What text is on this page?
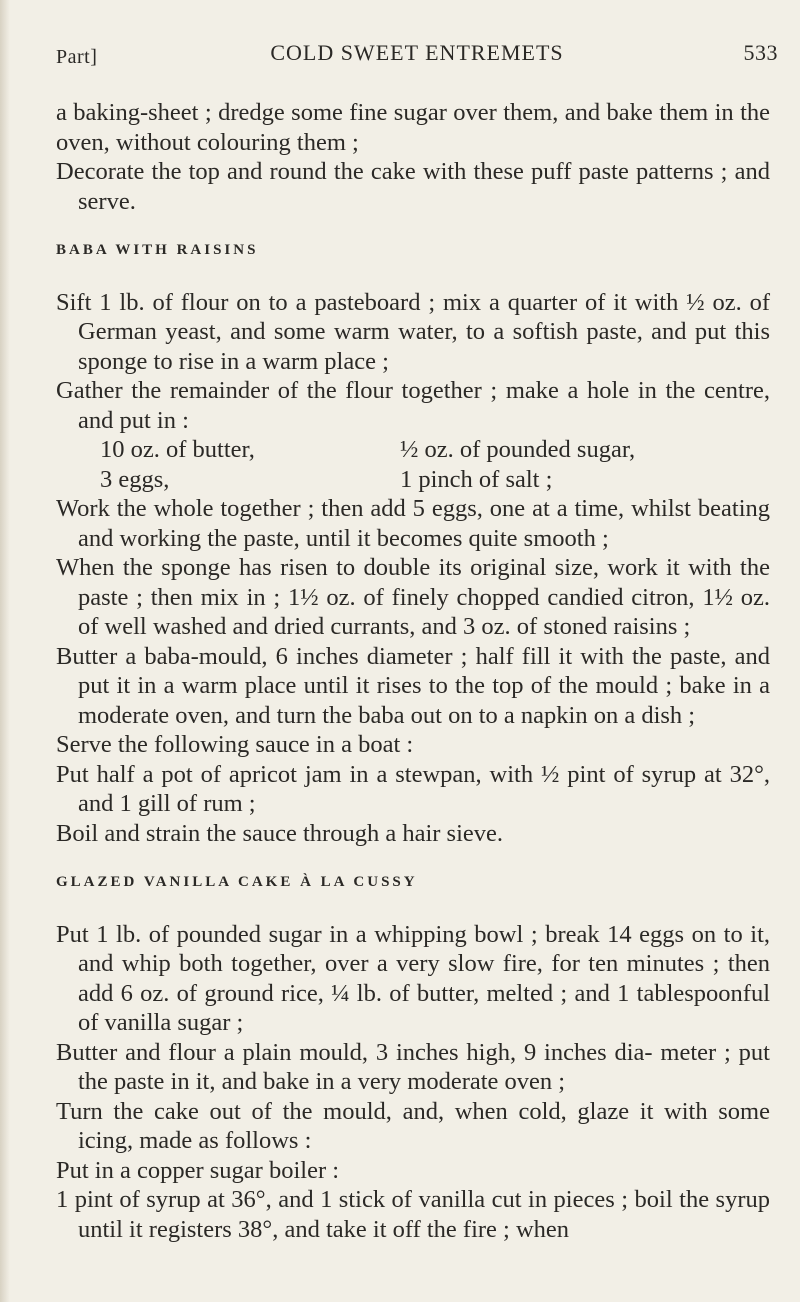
Part]	COLD SWEET ENTREMETS	533

a baking-sheet ; dredge some fine sugar over them, and bake them in the oven, without colouring them ;

Decorate the top and round the cake with these puff paste patterns ; and serve.

BABA WITH RAISINS

Sift 1 lb. of flour on to a pasteboard ; mix a quarter of it with ½ oz. of German yeast, and some warm water, to a softish paste, and put this sponge to rise in a warm place ;

Gather the remainder of the flour together ; make a hole in the centre, and put in :

10 oz. of butter,
3 eggs,
½ oz. of pounded sugar,
1 pinch of salt ;

Work the whole together ; then add 5 eggs, one at a time, whilst beating and working the paste, until it becomes quite smooth ;

When the sponge has risen to double its original size, work it with the paste ; then mix in ; 1½ oz. of finely chopped candied citron, 1½ oz. of well washed and dried currants, and 3 oz. of stoned raisins ;

Butter a baba-mould, 6 inches diameter ; half fill it with the paste, and put it in a warm place until it rises to the top of the mould ; bake in a moderate oven, and turn the baba out on to a napkin on a dish ;

Serve the following sauce in a boat :

Put half a pot of apricot jam in a stewpan, with ½ pint of syrup at 32°, and 1 gill of rum ;

Boil and strain the sauce through a hair sieve.

GLAZED VANILLA CAKE À LA CUSSY

Put 1 lb. of pounded sugar in a whipping bowl ; break 14 eggs on to it, and whip both together, over a very slow fire, for ten minutes ; then add 6 oz. of ground rice, ¼ lb. of butter, melted ; and 1 tablespoonful of vanilla sugar ;

Butter and flour a plain mould, 3 inches high, 9 inches dia- meter ; put the paste in it, and bake in a very moderate oven ;

Turn the cake out of the mould, and, when cold, glaze it with some icing, made as follows :

Put in a copper sugar boiler :

1 pint of syrup at 36°, and 1 stick of vanilla cut in pieces ; boil the syrup until it registers 38°, and take it off the fire ; when
